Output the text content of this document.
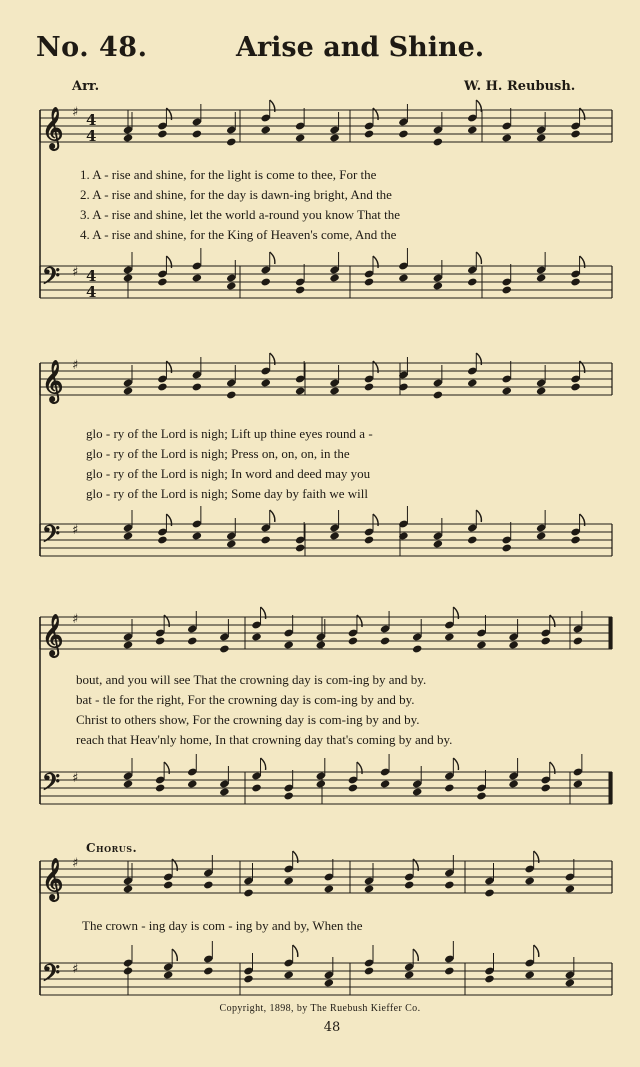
No. 48.	Arise and Shine.
Arr.	W. H. Reubush.
𝄞 ♯ 4
4
𝄢 ♯ 4
4
𝄞 ♯
𝄢 ♯
𝄞 ♯
𝄢 ♯
𝄞 ♯
𝄢 ♯
1. A - rise and shine, for the light is come to thee, For the
2. A - rise and shine, for the day is dawn-ing bright, And the
3. A - rise and shine, let the world a-round you know That the
4. A - rise and shine, for the King of Heaven's come, And the
glo - ry of the Lord is nigh; Lift up thine eyes round a -
glo - ry of the Lord is nigh; Press on, on, on, in the
glo - ry of the Lord is nigh; In word and deed may you
glo - ry of the Lord is nigh; Some day by faith we will
bout, and you will see That the crowning day is com-ing by and by.
bat - tle for the right, For the crowning day is com-ing by and by.
Christ to others show, For the crowning day is com-ing by and by.
reach that Heav'nly home, In that crowning day that's coming by and by.
Chorus.
The crown - ing day is com - ing by and by, When the
Copyright, 1898, by The Ruebush Kieffer Co.
48
